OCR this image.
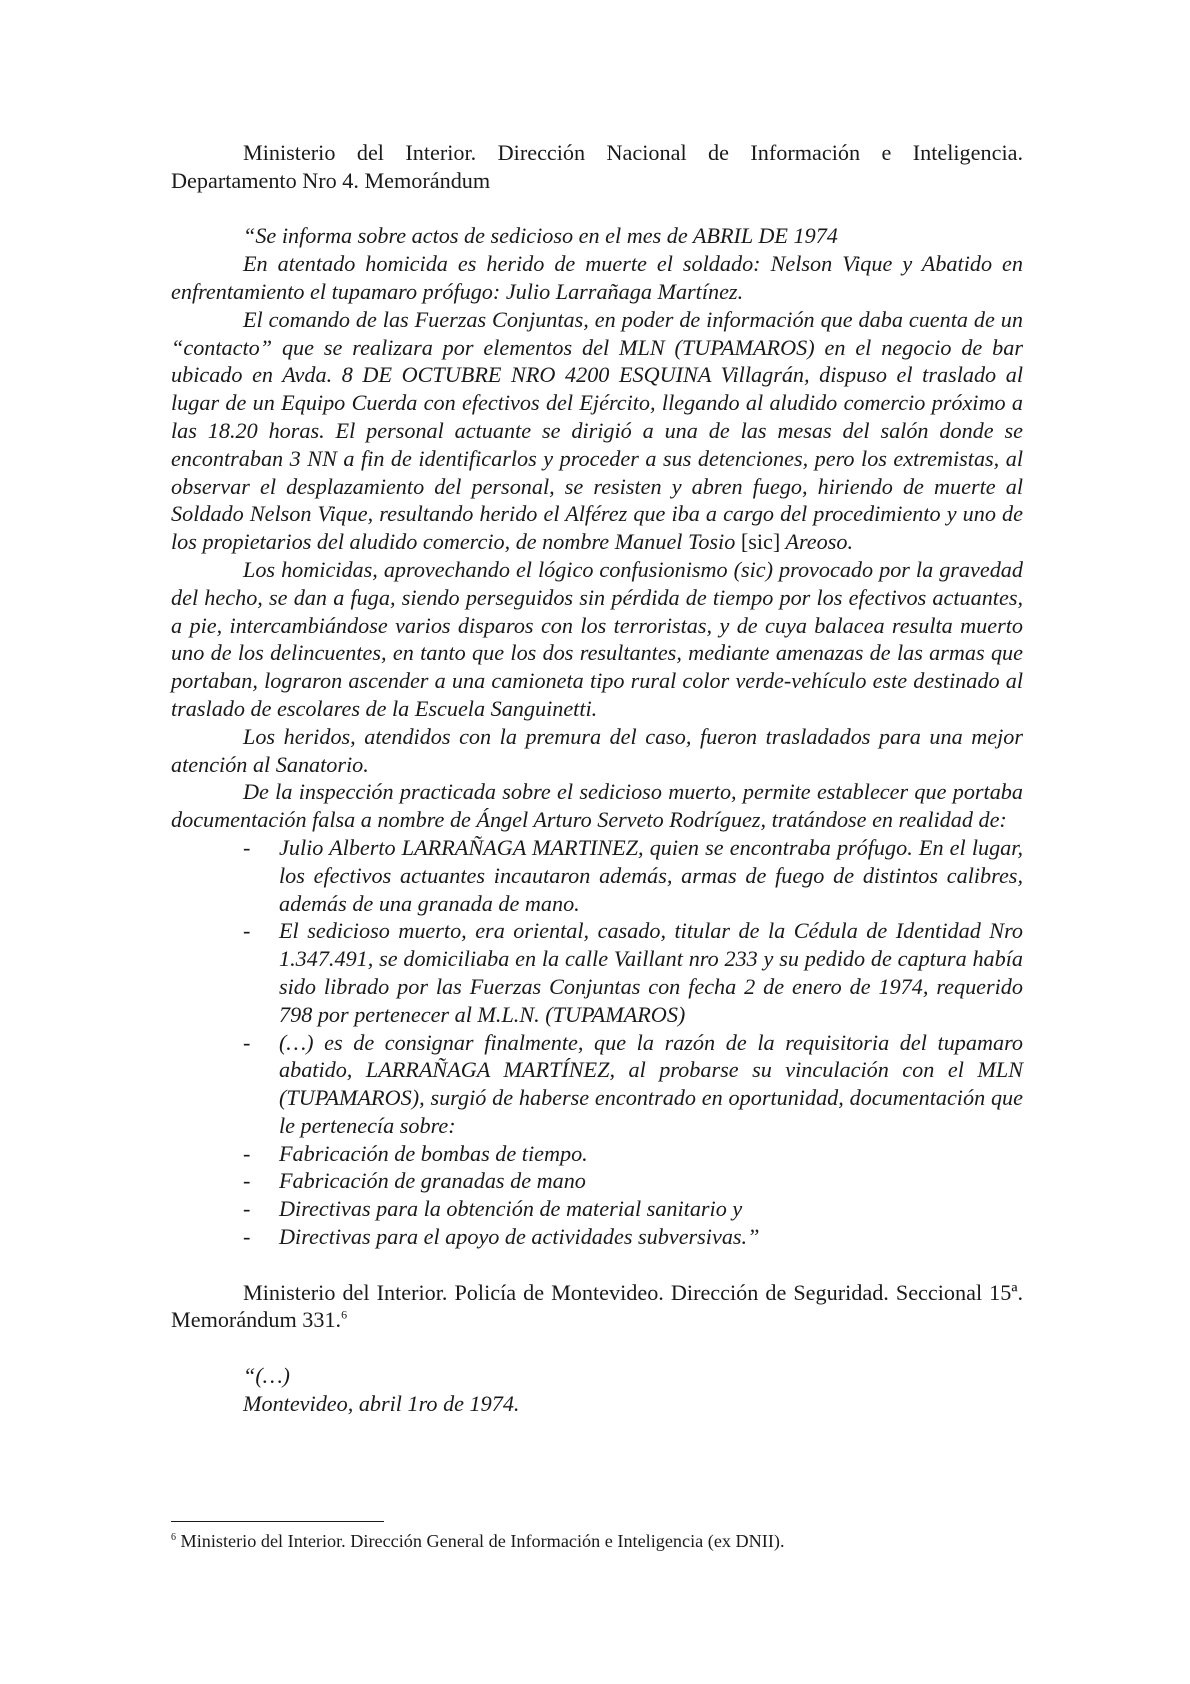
Ministerio del Interior. Dirección Nacional de Información e Inteligencia. Departamento Nro 4. Memorándum

“Se informa sobre actos de sedicioso en el mes de ABRIL DE 1974

En atentado homicida es herido de muerte el soldado: Nelson Vique y Abatido en enfrentamiento el tupamaro prófugo: Julio Larrañaga Martínez.

El comando de las Fuerzas Conjuntas, en poder de información que daba cuenta de un “contacto” que se realizara por elementos del MLN (TUPAMAROS) en el negocio de bar ubicado en Avda. 8 DE OCTUBRE NRO 4200 ESQUINA Villagrán, dispuso el traslado al lugar de un Equipo Cuerda con efectivos del Ejército, llegando al aludido comercio próximo a las 18.20 horas. El personal actuante se dirigió a una de las mesas del salón donde se encontraban 3 NN a fin de identificarlos y proceder a sus detenciones, pero los extremistas, al observar el desplazamiento del personal, se resisten y abren fuego, hiriendo de muerte al Soldado Nelson Vique, resultando herido el Alférez que iba a cargo del procedimiento y uno de los propietarios del aludido comercio, de nombre Manuel Tosio [sic] Areoso.

Los homicidas, aprovechando el lógico confusionismo (sic) provocado por la gravedad del hecho, se dan a fuga, siendo perseguidos sin pérdida de tiempo por los efectivos actuantes, a pie, intercambiándose varios disparos con los terroristas, y de cuya balacea resulta muerto uno de los delincuentes, en tanto que los dos resultantes, mediante amenazas de las armas que portaban, lograron ascender a una camioneta tipo rural color verde-vehículo este destinado al traslado de escolares de la Escuela Sanguinetti.

Los heridos, atendidos con la premura del caso, fueron trasladados para una mejor atención al Sanatorio.

De la inspección practicada sobre el sedicioso muerto, permite establecer que portaba documentación falsa a nombre de Ángel Arturo Serveto Rodríguez, tratándose en realidad de:

- Julio Alberto LARRAÑAGA MARTINEZ, quien se encontraba prófugo. En el lugar, los efectivos actuantes incautaron además, armas de fuego de distintos calibres, además de una granada de mano.
- El sedicioso muerto, era oriental, casado, titular de la Cédula de Identidad Nro 1.347.491, se domiciliaba en la calle Vaillant nro 233 y su pedido de captura había sido librado por las Fuerzas Conjuntas con fecha 2 de enero de 1974, requerido 798 por pertenecer al M.L.N. (TUPAMAROS)
- (…) es de consignar finalmente, que la razón de la requisitoria del tupamaro abatido, LARRAÑAGA MARTÍNEZ, al probarse su vinculación con el MLN (TUPAMAROS), surgió de haberse encontrado en oportunidad, documentación que le pertenecía sobre:
- Fabricación de bombas de tiempo.
- Fabricación de granadas de mano
- Directivas para la obtención de material sanitario y
- Directivas para el apoyo de actividades subversivas.”

Ministerio del Interior. Policía de Montevideo. Dirección de Seguridad. Seccional 15ª. Memorándum 331.$^6$

“(…)

Montevideo, abril 1ro de 1974.

$^6$ Ministerio del Interior. Dirección General de Información e Inteligencia (ex DNII).
